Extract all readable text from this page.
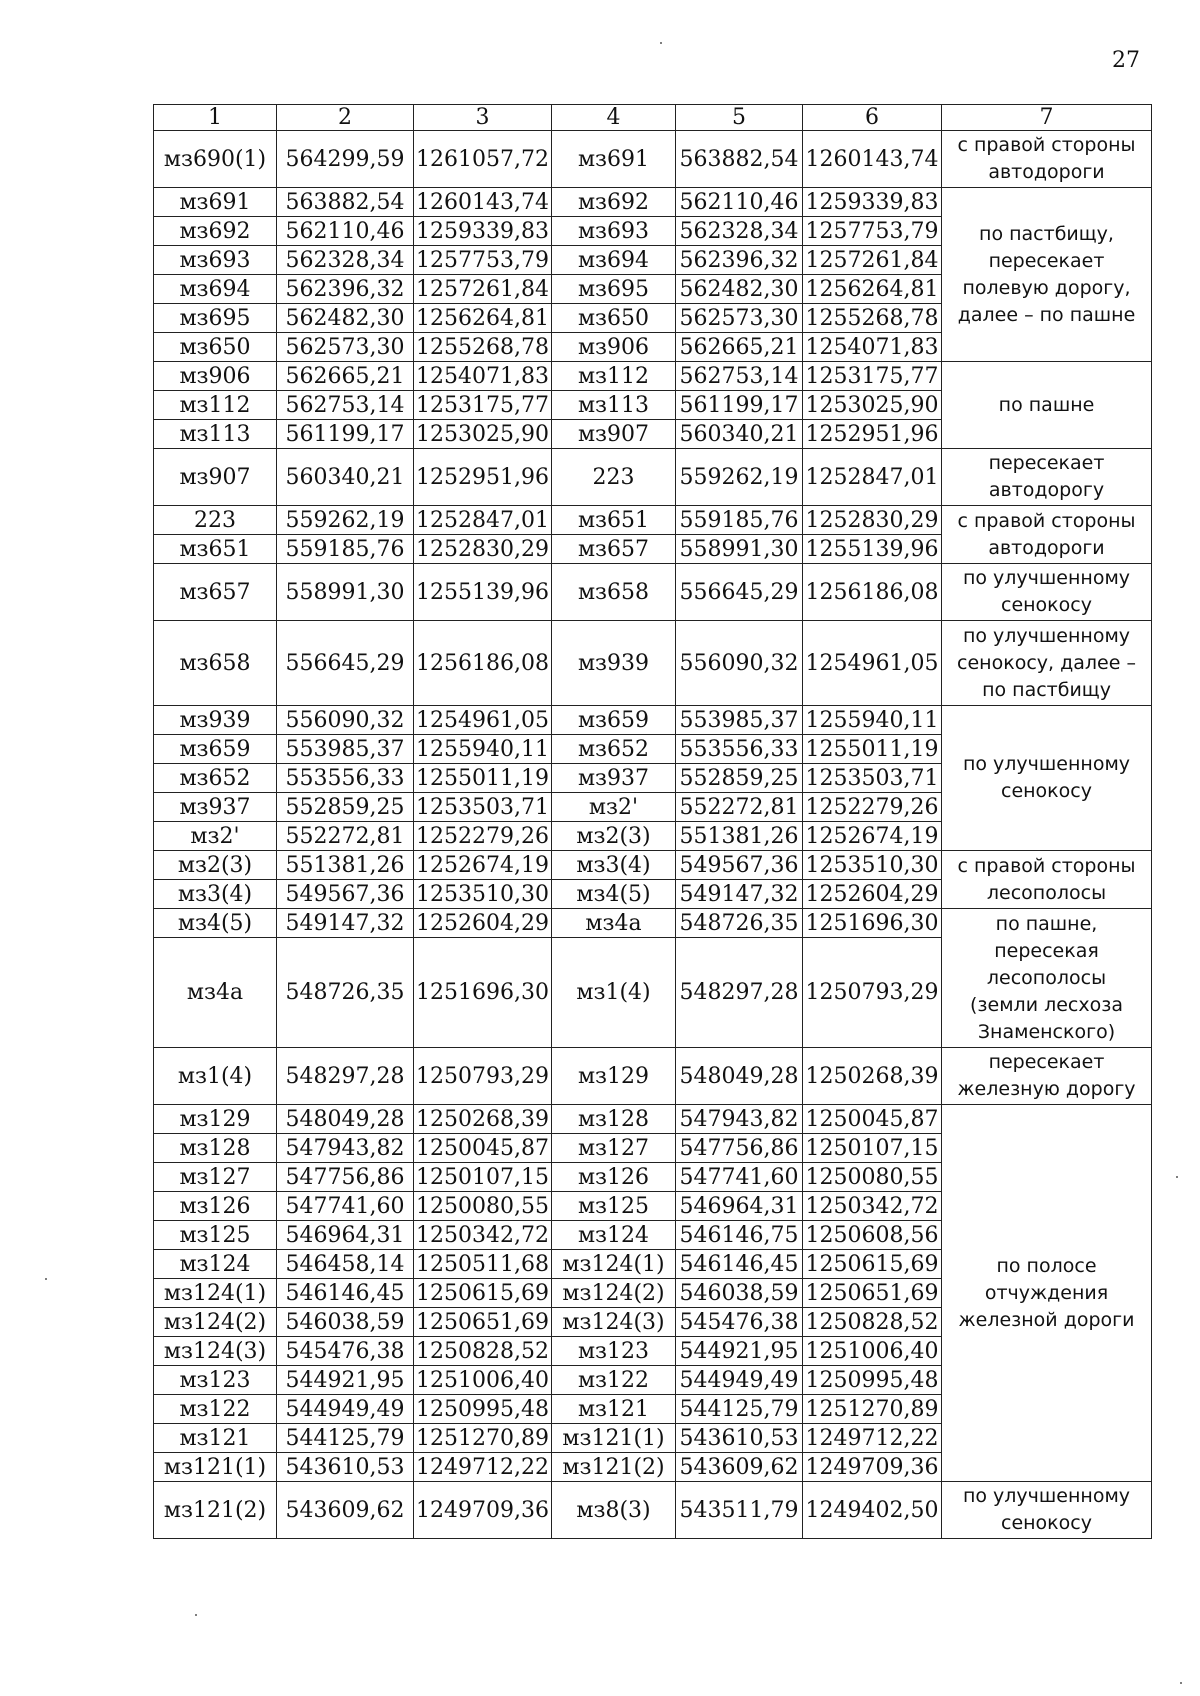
27
1	2	3	4	5	6	7
мз690(1)	564299,59	1261057,72	мз691	563882,54	1260143,74	с правой стороны
автодороги

мз691	563882,54	1260143,74	мз692	562110,46	1259339,83	по пастбищу,
пересекает
полевую дорогу,
далее – по пашне

мз692	562110,46	1259339,83	мз693	562328,34	1257753,79	
мз693	562328,34	1257753,79	мз694	562396,32	1257261,84	
мз694	562396,32	1257261,84	мз695	562482,30	1256264,81	
мз695	562482,30	1256264,81	мз650	562573,30	1255268,78	
мз650	562573,30	1255268,78	мз906	562665,21	1254071,83	
мз906	562665,21	1254071,83	мз112	562753,14	1253175,77	по пашне

мз112	562753,14	1253175,77	мз113	561199,17	1253025,90	
мз113	561199,17	1253025,90	мз907	560340,21	1252951,96	
мз907	560340,21	1252951,96	223	559262,19	1252847,01	пересекает
автодорогу

223	559262,19	1252847,01	мз651	559185,76	1252830,29	с правой стороны
автодороги

мз651	559185,76	1252830,29	мз657	558991,30	1255139,96	
мз657	558991,30	1255139,96	мз658	556645,29	1256186,08	по улучшенному
сенокосу

мз658	556645,29	1256186,08	мз939	556090,32	1254961,05	по улучшенному
сенокосу, далее –
по пастбищу

мз939	556090,32	1254961,05	мз659	553985,37	1255940,11	по улучшенному
сенокосу

мз659	553985,37	1255940,11	мз652	553556,33	1255011,19	
мз652	553556,33	1255011,19	мз937	552859,25	1253503,71	
мз937	552859,25	1253503,71	мз2'	552272,81	1252279,26	
мз2'	552272,81	1252279,26	мз2(3)	551381,26	1252674,19	
мз2(3)	551381,26	1252674,19	мз3(4)	549567,36	1253510,30	с правой стороны
лесополосы

мз3(4)	549567,36	1253510,30	мз4(5)	549147,32	1252604,29	
мз4(5)	549147,32	1252604,29	мз4а	548726,35	1251696,30	по пашне,
пересекая
лесополосы
(земли лесхоза
Знаменского)

мз4а	548726,35	1251696,30	мз1(4)	548297,28	1250793,29	
мз1(4)	548297,28	1250793,29	мз129	548049,28	1250268,39	пересекает
железную дорогу

мз129	548049,28	1250268,39	мз128	547943,82	1250045,87	по полосе
отчуждения
железной дороги

мз128	547943,82	1250045,87	мз127	547756,86	1250107,15	
мз127	547756,86	1250107,15	мз126	547741,60	1250080,55	
мз126	547741,60	1250080,55	мз125	546964,31	1250342,72	
мз125	546964,31	1250342,72	мз124	546146,75	1250608,56	
мз124	546458,14	1250511,68	мз124(1)	546146,45	1250615,69	
мз124(1)	546146,45	1250615,69	мз124(2)	546038,59	1250651,69	
мз124(2)	546038,59	1250651,69	мз124(3)	545476,38	1250828,52	
мз124(3)	545476,38	1250828,52	мз123	544921,95	1251006,40	
мз123	544921,95	1251006,40	мз122	544949,49	1250995,48	
мз122	544949,49	1250995,48	мз121	544125,79	1251270,89	
мз121	544125,79	1251270,89	мз121(1)	543610,53	1249712,22	
мз121(1)	543610,53	1249712,22	мз121(2)	543609,62	1249709,36	
мз121(2)	543609,62	1249709,36	мз8(3)	543511,79	1249402,50	по улучшенному
сенокосу
